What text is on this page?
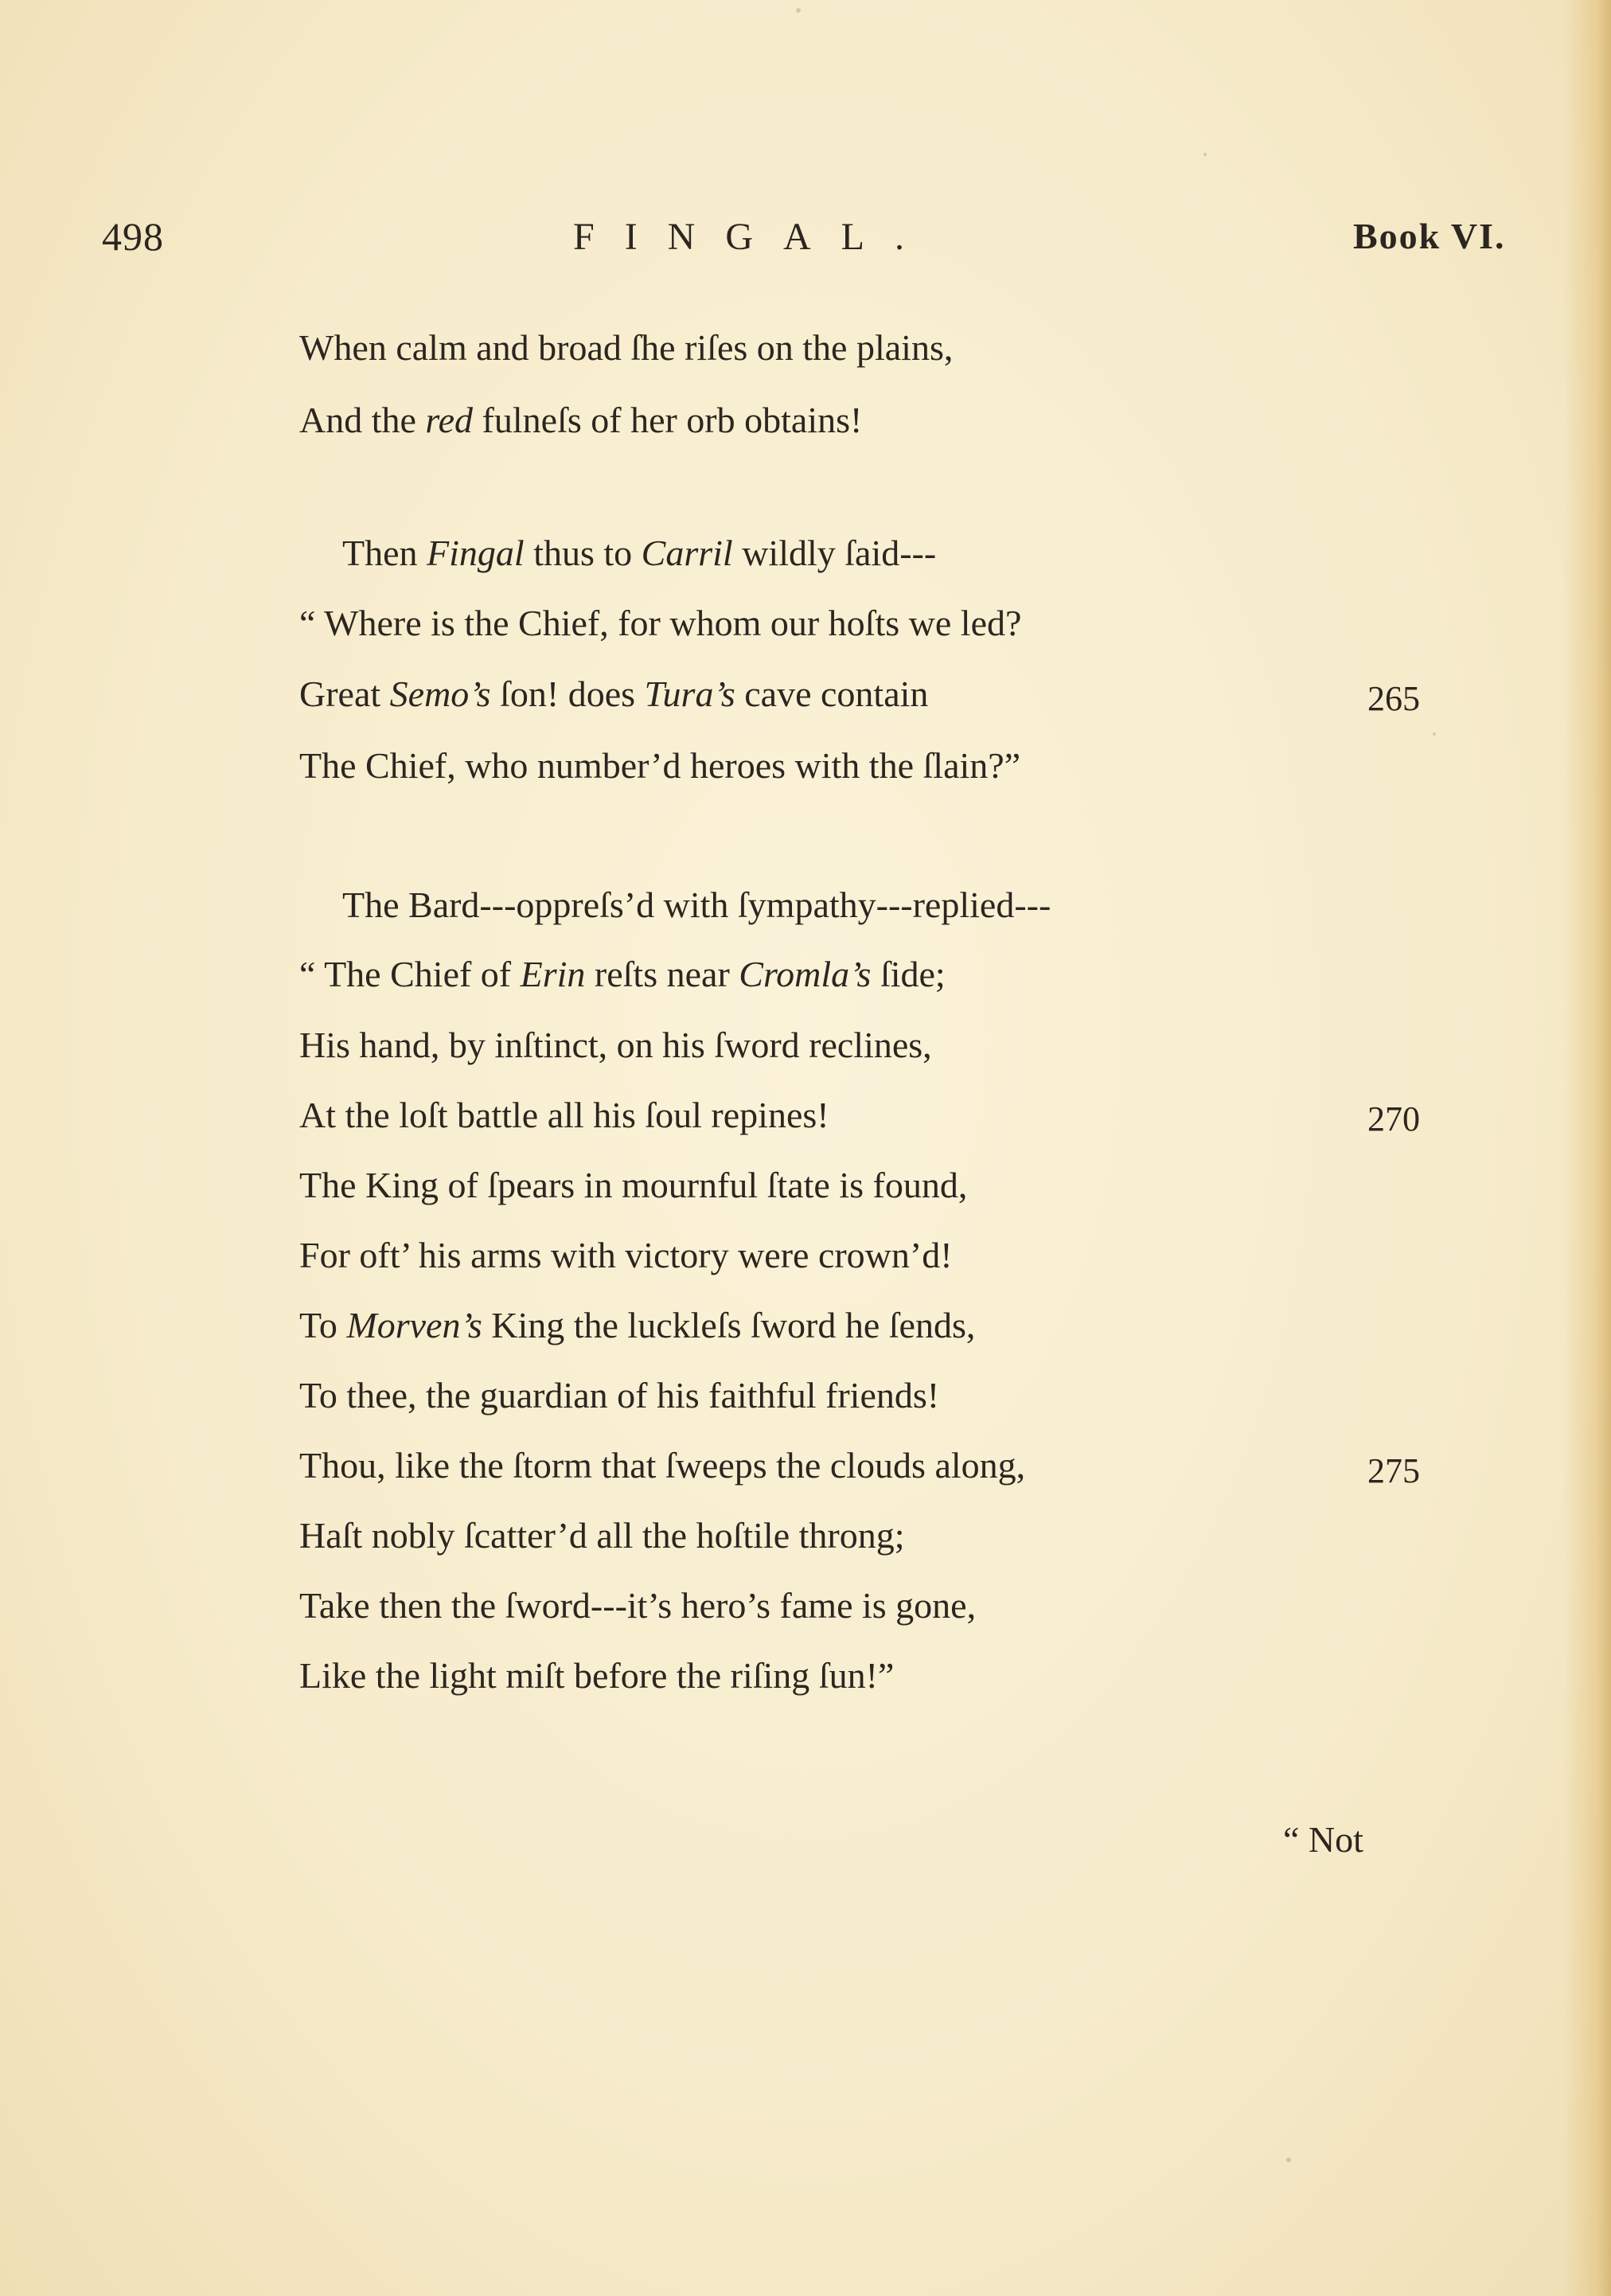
498	FINGAL.	Book VI.
When calm and broad ſhe riſes on the plains,
And the red fulneſs of her orb obtains!
Then Fingal thus to Carril wildly ſaid---
“ Where is the Chief, for whom our hoſts we led?
Great Semo’s ſon! does Tura’s cave contain
The Chief, who number’d heroes with the ſlain?”
The Bard---oppreſs’d with ſympathy---replied---
“ The Chief of Erin reſts near Cromla’s ſide;
His hand, by inſtinct, on his ſword reclines,
At the loſt battle all his ſoul repines!
The King of ſpears in mournful ſtate is found,
For oft’ his arms with victory were crown’d!
To Morven’s King the luckleſs ſword he ſends,
To thee, the guardian of his faithful friends!
Thou, like the ſtorm that ſweeps the clouds along,
Haſt nobly ſcatter’d all the hoſtile throng;
Take then the ſword---it’s hero’s fame is gone,
Like the light miſt before the riſing ſun!”
265
270
275
“ Not
